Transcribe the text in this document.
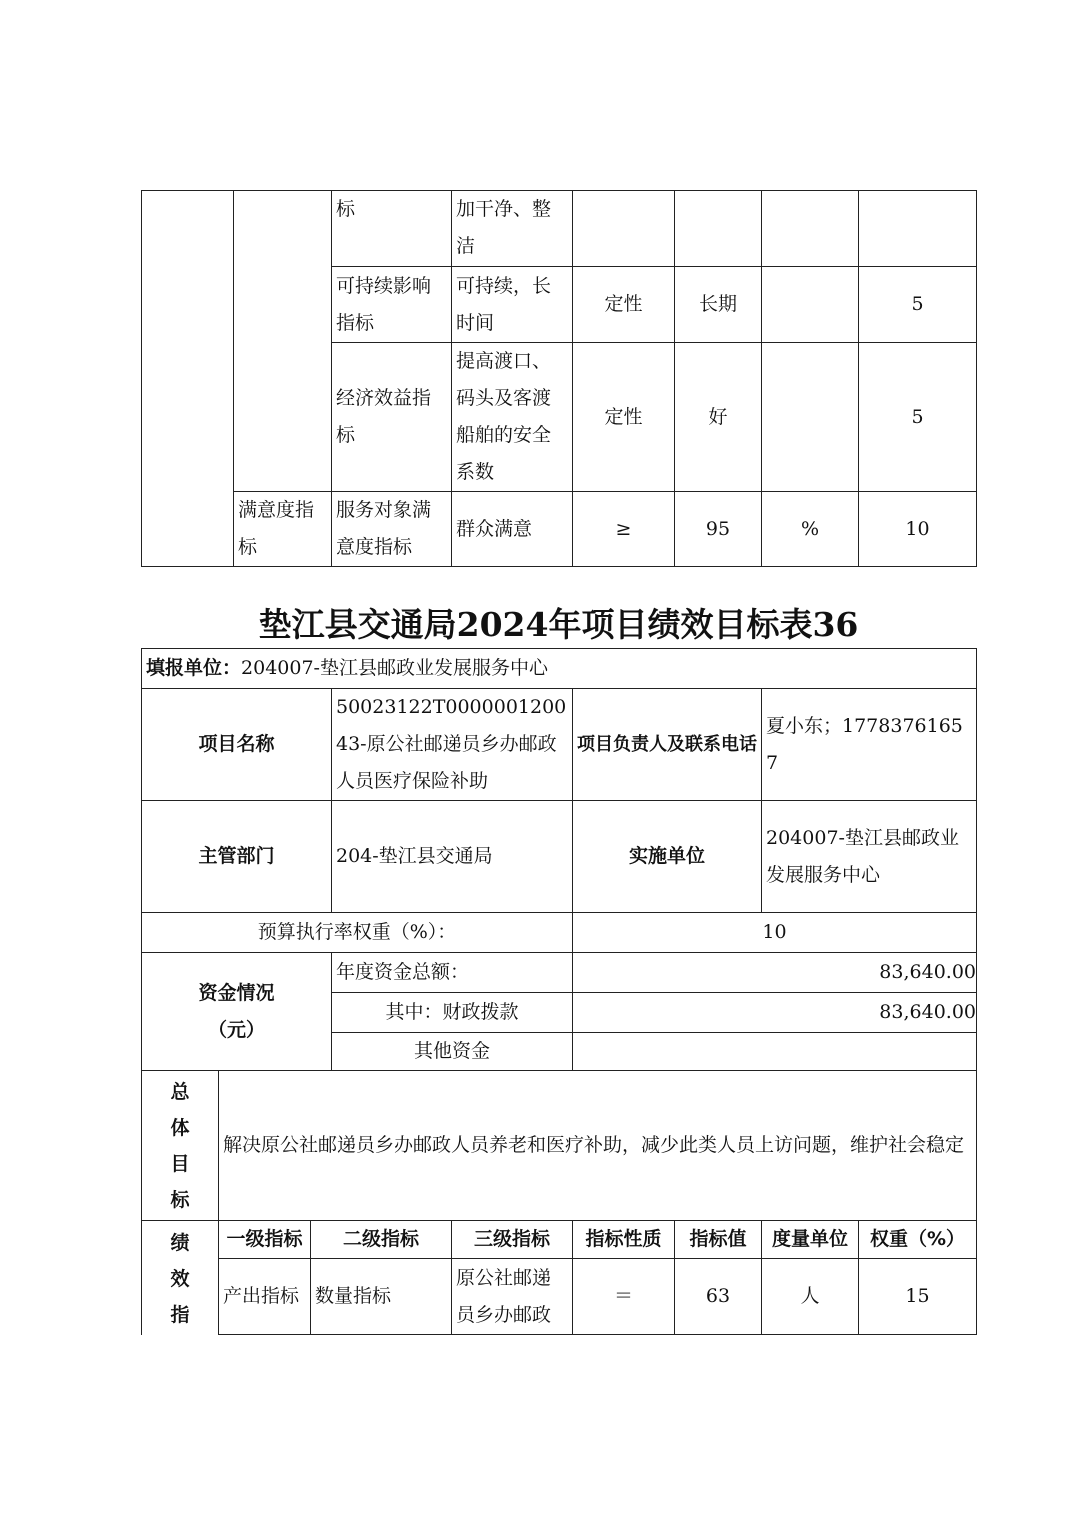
		标	加干净、整洁				
		可持续影响指标	可持续，长时间	定性	长期		5
		经济效益指标	提高渡口、码头及客渡船舶的安全系数	定性	好		5
	满意度指标	服务对象满意度指标	群众满意	≥	95	%	10
垫江县交通局2024年项目绩效目标表36
填报单位：204007-垫江县邮政业发展服务中心								
项目名称			50023122T000000120043-原公社邮递员乡办邮政人员医疗保险补助		项目负责人及联系电话		夏小东；17783761657	
主管部门			204-垫江县交通局		实施单位		204007-垫江县邮政业发展服务中心	
预算执行率权重（%）：					10			

资金情况
（元）			年度资金总额：		83,640.00			
			其中：财政拨款		83,640.00			
			其他资金					

总
体
目
标	解决原公社邮递员乡办邮政人员养老和医疗补助，减少此类人员上访问题，维护社会稳定							

绩
效
指	一级指标	二级指标		三级指标	指标性质	指标值	度量单位	权重（%）
	产出指标	数量指标		原公社邮递员乡办邮政	＝	63	人	15
